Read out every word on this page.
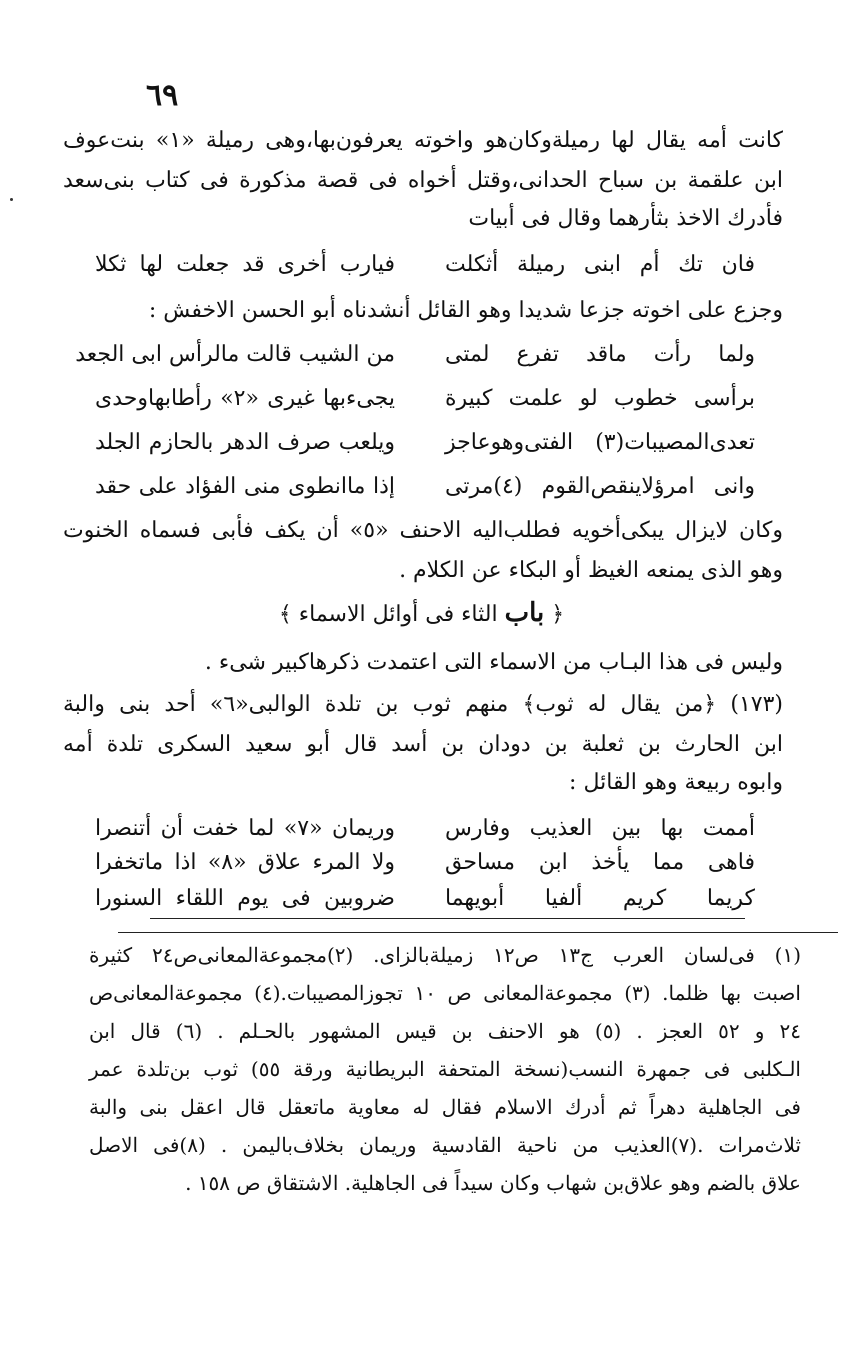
٦٩
كانت أمه يقال لها رميلةوكان‌هو واخوته يعرفون‌بها،وهى رميلة «١» بنت‌عوف
ابن علقمة بن سباح الحدانى،وقتل أخواه فى قصة مذكورة فى كتاب بنى‌سعد
فأدرك الاخذ بثأرهما وقال فى أبيات
فان تك أم ابنى رميلة أثكلت
فيارب أخرى قد جعلت لها ثكلا
وجزع على اخوته جزعا شديدا وهو القائل أنشدناه أبو الحسن الاخفش :
ولما رأت ماقد تفرع لمتى
من الشيب قالت مالرأس ابى الجعد
برأسى خطوب لو علمت كبيرة
يجىء‌بها غيرى «٢» رأطابهاوحدى
تعدى‌المصيبات(٣) الفتى‌وهوعاجز
ويلعب صرف الدهر بالحازم الجلد
وانى امرؤلاينقص‌القوم (٤)مرتى
إذا ماانطوى منى الفؤاد على حقد
وكان لايزال يبكى‌أخويه فطلب‌اليه الاحنف «٥» أن يكف فأبى فسماه الخنوت
وهو الذى يمنعه الغيظ أو البكاء عن الكلام .
﴿ باب الثاء فى أوائل الاسماء ﴾
وليس فى هذا البـاب من الاسماء التى اعتمدت ذكرهاكبير شىء .
(١٧٣) ﴿من يقال له ثوب﴾ منهم ثوب بن تلدة الوالبى«٦» أحد بنى والبة
ابن الحارث بن ثعلبة بن دودان بن أسد قال أبو سعيد السكرى تلدة أمه
وابوه ربيعة وهو القائل :
أممت بها بين العذيب وفارس
وريمان «٧» لما خفت أن أتنصرا
فاهى مما يأخذ ابن مساحق
ولا المرء علاق «٨» اذا ماتخفرا
كريما كريم ألفيا أبويهما
ضروبين فى يوم اللقاء السنورا
(١) فى‌لسان العرب ج١٣ ص١٢ زميلةبالزاى. (٢)مجموعة‌المعانى‌ص٢٤ كثيرة
اصبت بها ظلما. (٣) مجموعة‌المعانى ص ١٠ تجوز‌المصيبات.(٤) مجموعة‌المعانى‌ص
٢٤ و ٥٢ العجز . (٥) هو الاحنف بن قيس المشهور بالحـلم . (٦) قال ابن
الـكلبى فى جمهرة النسب(نسخة المتحفة البريطانية ورقة ٥٥) ثوب بن‌تلدة عمر
فى الجاهلية دهراً ثم أدرك الاسلام فقال له معاوية ماتعقل قال اعقل بنى والبة
ثلاث‌مرات .(٧)العذيب من ناحية القادسية وريمان بخلاف‌باليمن . (٨)فى الاصل
علاق بالضم وهو علاق‌بن شهاب وكان سيداً فى الجاهلية. الاشتقاق ص ١٥٨ .
